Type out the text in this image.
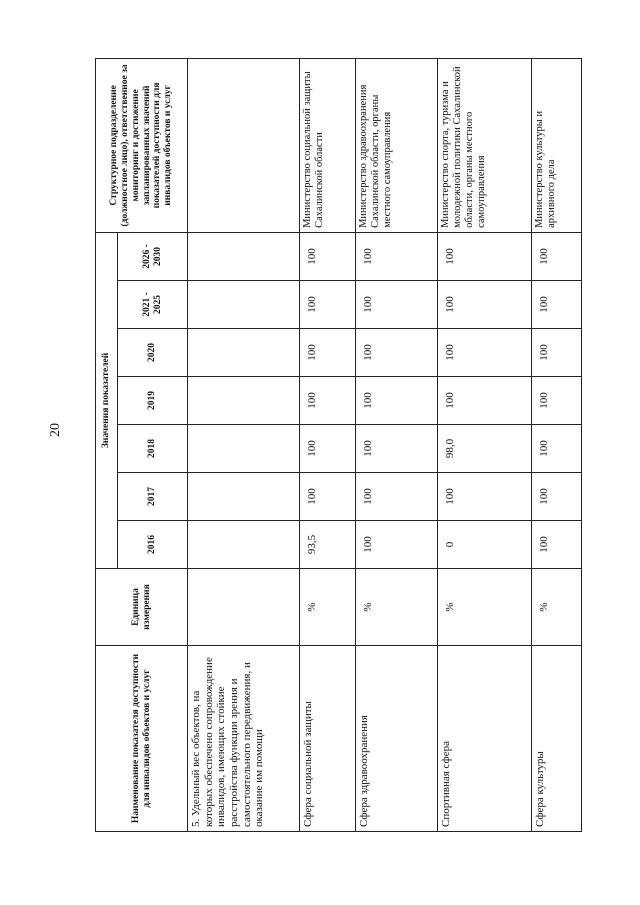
20
Наименование показателя доступности для инвалидов объектов и услуг	Единица измерения	Значения показателей							Структурное подразделение (должностное лицо), ответственное за мониторинг и достижение запланированных значений показателей доступности для инвалидов объектов и услуг
		2016	2017	2018	2019	2020	2021 - 2025	2026 - 2030	
5. Удельный вес объектов, на которых обеспечено сопровождение инвалидов, имеющих стойкие расстройства функции зрения и самостоятельного передвижения, и оказание им помощи									
Сфера социальной защиты	%	93,5	100	100	100	100	100	100	Министерство социальной защиты Сахалинской области
Сфера здравоохранения	%	100	100	100	100	100	100	100	Министерство здравоохранения Сахалинской области, органы местного самоуправления
Спортивная сфера	%	0	100	98,0	100	100	100	100	Министерство спорта, туризма и молодежной политики Сахалинской области, органы местного самоуправления
Сфера культуры	%	100	100	100	100	100	100	100	Министерство культуры и архивного дела
